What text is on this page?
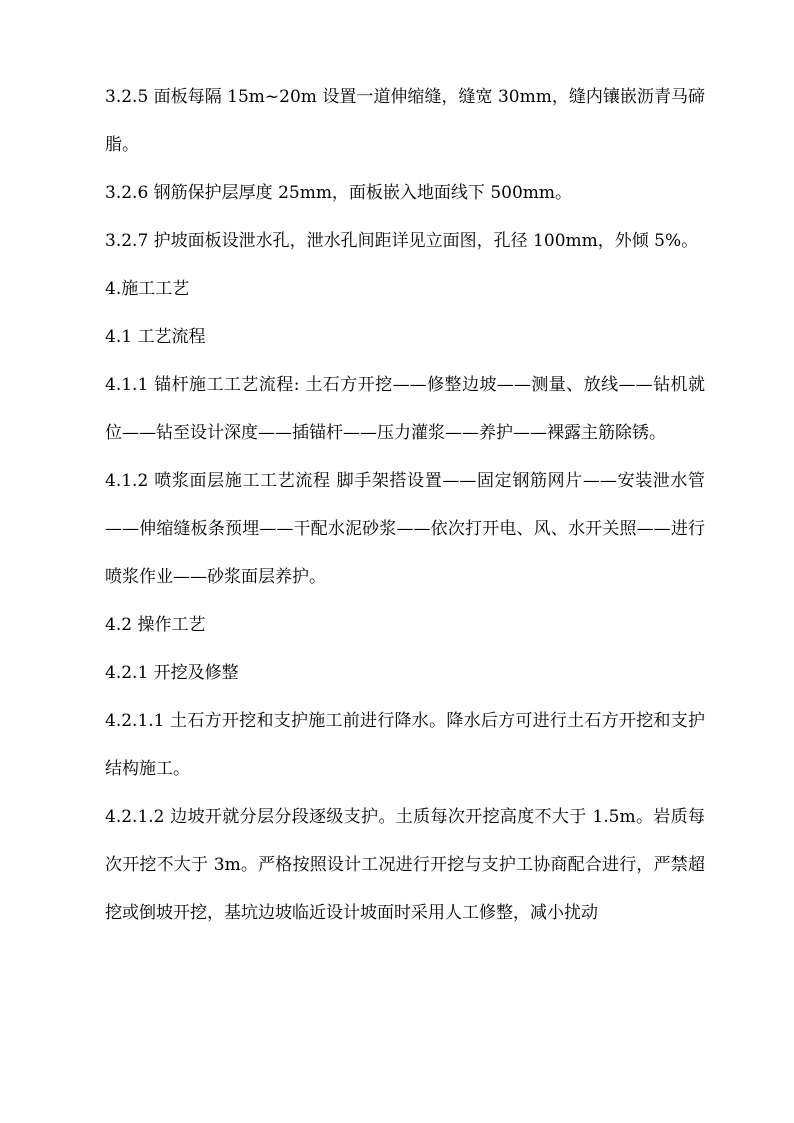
3.2.5 面板每隔 15m~20m 设置一道伸缩缝，缝宽 30mm，缝内镶嵌沥青马碲脂。

3.2.6 钢筋保护层厚度 25mm，面板嵌入地面线下 500mm。

3.2.7 护坡面板设泄水孔，泄水孔间距详见立面图，孔径 100mm，外倾 5%。

4.施工工艺

4.1 工艺流程

4.1.1 锚杆施工工艺流程: 土石方开挖——修整边坡——测量、放线——钻机就位——钻至设计深度——插锚杆——压力灌浆——养护——裸露主筋除锈。

4.1.2 喷浆面层施工工艺流程 脚手架搭设置——固定钢筋网片——安装泄水管——伸缩缝板条预埋——干配水泥砂浆——依次打开电、风、水开关照——进行喷浆作业——砂浆面层养护。

4.2 操作工艺

4.2.1 开挖及修整

4.2.1.1 土石方开挖和支护施工前进行降水。降水后方可进行土石方开挖和支护结构施工。

4.2.1.2 边坡开就分层分段逐级支护。土质每次开挖高度不大于 1.5m。岩质每次开挖不大于 3m。严格按照设计工况进行开挖与支护工协商配合进行，严禁超挖或倒坡开挖，基坑边坡临近设计坡面时采用人工修整，减小扰动
